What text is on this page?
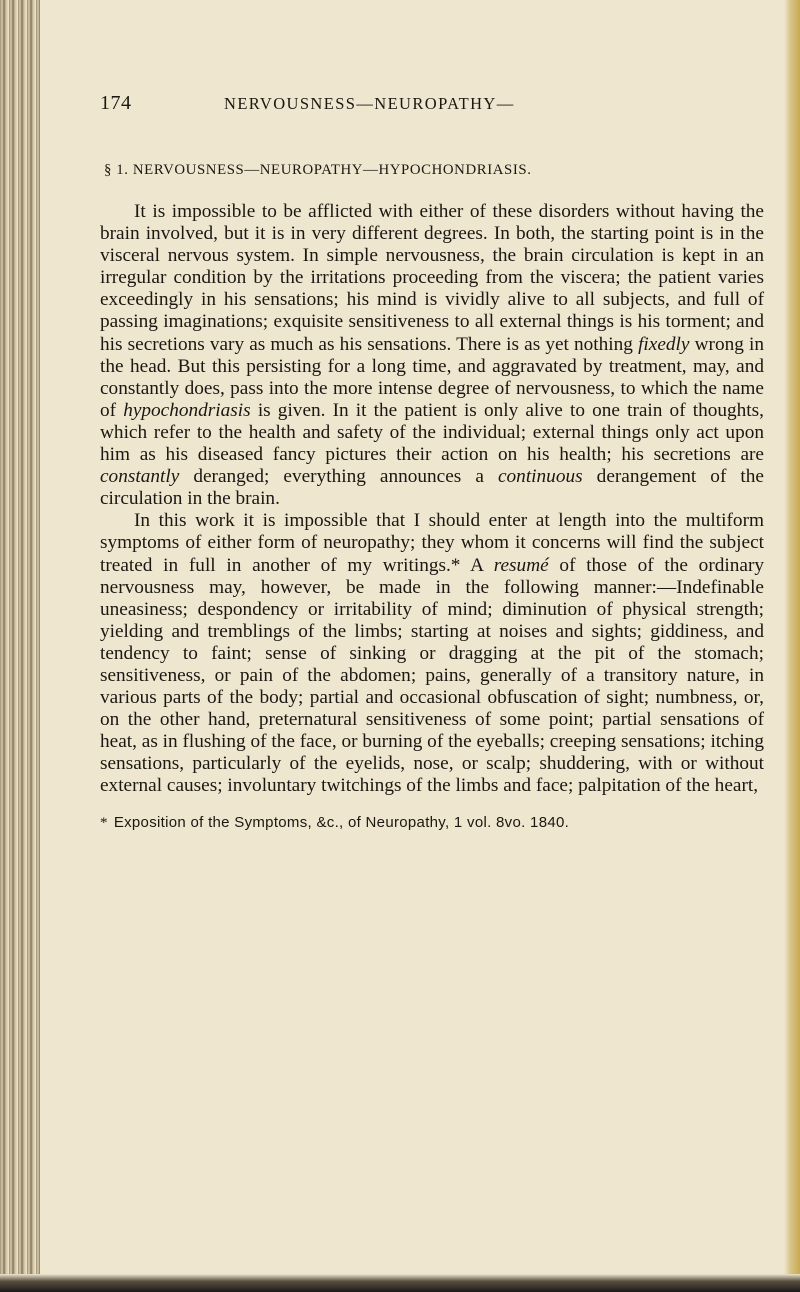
174	NERVOUSNESS—NEUROPATHY—
§ 1. NERVOUSNESS—NEUROPATHY—HYPOCHONDRIASIS.

It is impossible to be afflicted with either of these disorders without having the brain involved, but it is in very different degrees. In both, the starting point is in the visceral nervous system. In simple nervousness, the brain circulation is kept in an irregular condition by the irritations proceeding from the viscera; the patient varies exceedingly in his sensations; his mind is vividly alive to all subjects, and full of passing imaginations; exquisite sensitiveness to all external things is his torment; and his secretions vary as much as his sensations. There is as yet nothing fixedly wrong in the head. But this persisting for a long time, and aggravated by treatment, may, and constantly does, pass into the more intense degree of nervousness, to which the name of hypochondriasis is given. In it the patient is only alive to one train of thoughts, which refer to the health and safety of the individual; external things only act upon him as his diseased fancy pictures their action on his health; his secretions are constantly deranged; everything announces a continuous derangement of the circulation in the brain.

In this work it is impossible that I should enter at length into the multiform symptoms of either form of neuropathy; they whom it concerns will find the subject treated in full in another of my writings.* A resumé of those of the ordinary nervousness may, however, be made in the following manner:—Indefinable uneasiness; despondency or irritability of mind; diminution of physical strength; yielding and tremblings of the limbs; starting at noises and sights; giddiness, and tendency to faint; sense of sinking or dragging at the pit of the stomach; sensitiveness, or pain of the abdomen; pains, generally of a transitory nature, in various parts of the body; partial and occasional obfuscation of sight; numbness, or, on the other hand, preternatural sensitiveness of some point; partial sensations of heat, as in flushing of the face, or burning of the eyeballs; creeping sensations; itching sensations, particularly of the eyelids, nose, or scalp; shuddering, with or without external causes; involuntary twitchings of the limbs and face; palpitation of the heart,

* Exposition of the Symptoms, &c., of Neuropathy, 1 vol. 8vo. 1840.
